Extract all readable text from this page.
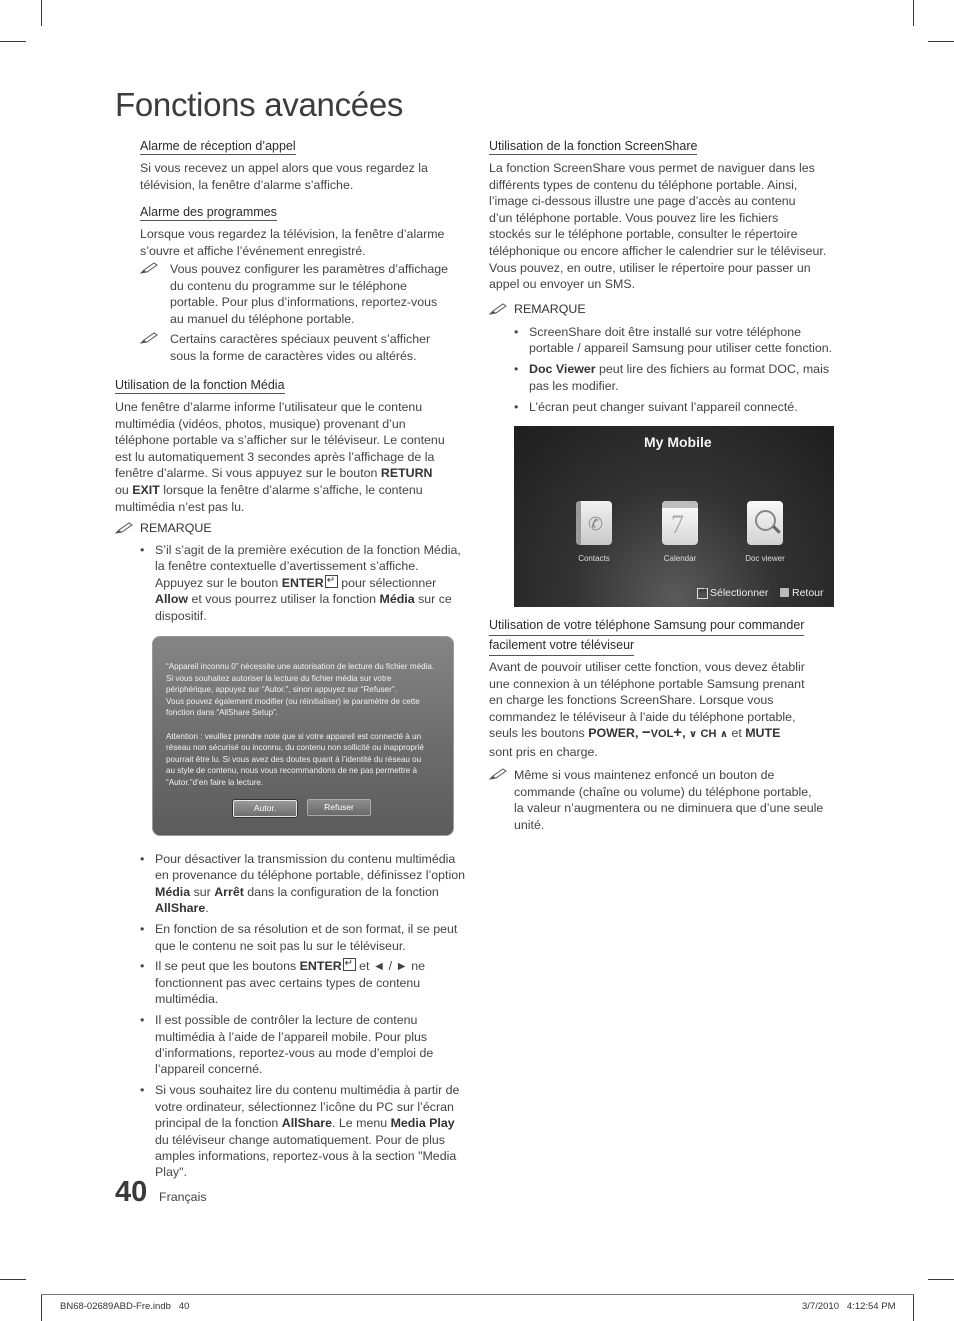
Fonctions avancées
Alarme de réception d’appel
Si vous recevez un appel alors que vous regardez la
télévision, la fenêtre d’alarme s’affiche.
Alarme des programmes
Lorsque vous regardez la télévision, la fenêtre d’alarme
s’ouvre et affiche l’événement enregistré.
Vous pouvez configurer les paramètres d’affichage
du contenu du programme sur le téléphone
portable. Pour plus d’informations, reportez-vous
au manuel du téléphone portable.
Certains caractères spéciaux peuvent s’afficher
sous la forme de caractères vides ou altérés.
Utilisation de la fonction Média
Une fenêtre d’alarme informe l’utilisateur que le contenu
multimédia (vidéos, photos, musique) provenant d’un
téléphone portable va s’afficher sur le téléviseur. Le contenu
est lu automatiquement 3 secondes après l’affichage de la
fenêtre d’alarme. Si vous appuyez sur le bouton RETURN
ou EXIT lorsque la fenêtre d’alarme s’affiche, le contenu
multimédia n’est pas lu.
REMARQUE
• S’il s’agit de la première exécution de la fonction Média, la fenêtre contextuelle d’avertissement s’affiche. Appuyez sur le bouton ENTER↵ pour sélectionner Allow et vous pourrez utiliser la fonction Média sur ce dispositif.
“Appareil inconnu 0” nécessite une autorisation de lecture du fichier média.
Si vous souhaitez autoriser la lecture du fichier média sur votre
périphérique, appuyez sur “Autor.”, sinon appuyez sur “Refuser”.
Vous pouvez également modifier (ou réinitialiser) le paramètre de cette
fonction dans “AllShare Setup”.

Attention : veuillez prendre note que si votre appareil est connecté à un
réseau non sécurisé ou inconnu, du contenu non sollicité ou inapproprié
pourrait être lu. Si vous avez des doutes quant à l’identité du réseau ou
au style de contenu, nous vous recommandons de ne pas permettre à
“Autor.”d’en faire la lecture.
Autor.	Refuser
• Pour désactiver la transmission du contenu multimédia en provenance du téléphone portable, définissez l’option Média sur Arrêt dans la configuration de la fonction AllShare.
• En fonction de sa résolution et de son format, il se peut que le contenu ne soit pas lu sur le téléviseur.
• Il se peut que les boutons ENTER↵ et ◄ / ► ne fonctionnent pas avec certains types de contenu multimédia.
• Il est possible de contrôler la lecture de contenu multimédia à l’aide de l’appareil mobile. Pour plus d’informations, reportez-vous au mode d’emploi de l’appareil concerné.
• Si vous souhaitez lire du contenu multimédia à partir de votre ordinateur, sélectionnez l’icône du PC sur l’écran principal de la fonction AllShare. Le menu Media Play du téléviseur change automatiquement. Pour de plus amples informations, reportez-vous à la section "Media Play".
40 Français
Utilisation de la fonction ScreenShare
La fonction ScreenShare vous permet de naviguer dans les
différents types de contenu du téléphone portable. Ainsi,
l’image ci-dessous illustre une page d’accès au contenu
d’un téléphone portable. Vous pouvez lire les fichiers
stockés sur le téléphone portable, consulter le répertoire
téléphonique ou encore afficher le calendrier sur le téléviseur.
Vous pouvez, en outre, utiliser le répertoire pour passer un
appel ou envoyer un SMS.
REMARQUE
• ScreenShare doit être installé sur votre téléphone portable / appareil Samsung pour utiliser cette fonction.
• Doc Viewer peut lire des fichiers au format DOC, mais pas les modifier.
• L’écran peut changer suivant l’appareil connecté.
My Mobile
✆
Contacts
7
Calendar	Doc viewer
↵
Sélectionner Retour
Utilisation de votre téléphone Samsung pour commander
facilement votre téléviseur
Avant de pouvoir utiliser cette fonction, vous devez établir
une connexion à un téléphone portable Samsung prenant
en charge les fonctions ScreenShare. Lorsque vous
commandez le téléviseur à l’aide du téléphone portable,
seuls les boutons POWER, −VOL+, ∨ CH ∧ et MUTE
sont pris en charge.
Même si vous maintenez enfoncé un bouton de
commande (chaîne ou volume) du téléphone portable,
la valeur n’augmentera ou ne diminuera que d’une seule
unité.
BN68-02689ABD-Fre.indb   40	3/7/2010   4:12:54 PM
